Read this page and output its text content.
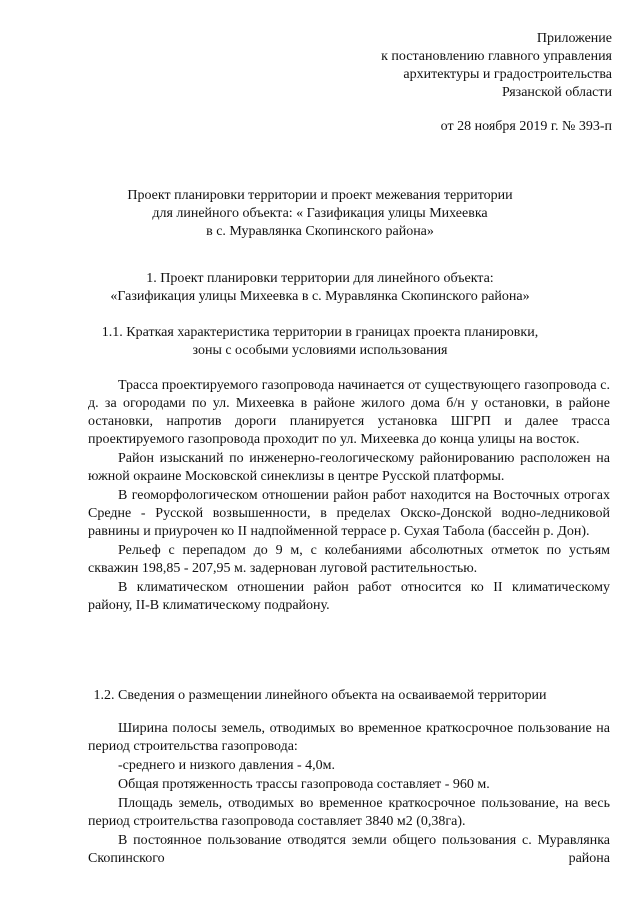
Приложение
к постановлению главного управления
архитектуры и градостроительства
Рязанской области
от 28 ноября 2019 г. № 393-п
Проект планировки территории и проект межевания территории
для линейного объекта: « Газификация улицы Михеевка
в с. Муравлянка Скопинского района»
1. Проект планировки территории для линейного объекта:
«Газификация улицы Михеевка в с. Муравлянка Скопинского района»
1.1. Краткая характеристика территории в границах проекта планировки,
зоны с особыми условиями использования

Трасса проектируемого газопровода начинается от существующего газопровода с. д. за огородами по ул. Михеевка в районе жилого дома б/н у остановки, в районе остановки, напротив дороги планируется установка ШГРП и далее трасса проектируемого газопровода проходит по ул. Михеевка до конца улицы на восток.

Район изысканий по инженерно-геологическому районированию расположен на южной окраине Московской синеклизы в центре Русской платформы.

В геоморфологическом отношении район работ находится на Восточных отрогах Средне - Русской возвышенности, в пределах Окско-Донской водно-ледниковой равнины и приурочен ко II надпойменной террасе р. Сухая Табола (бассейн р. Дон).

Рельеф с перепадом до 9 м, с колебаниями абсолютных отметок по устьям скважин 198,85 - 207,95 м. задернован луговой растительностью.

В климатическом отношении район работ относится ко II климатическому району, II-В климатическому подрайону.

1.2. Сведения о размещении линейного объекта на осваиваемой территории

Ширина полосы земель, отводимых во временное краткосрочное пользование на период строительства газопровода:

-среднего и низкого давления - 4,0м.

Общая протяженность трассы газопровода составляет - 960 м.

Площадь земель, отводимых во временное краткосрочное пользование, на весь период строительства газопровода составляет 3840 м2 (0,38га).

В постоянное пользование отводятся земли общего пользования с. Муравлянка Скопинского района
